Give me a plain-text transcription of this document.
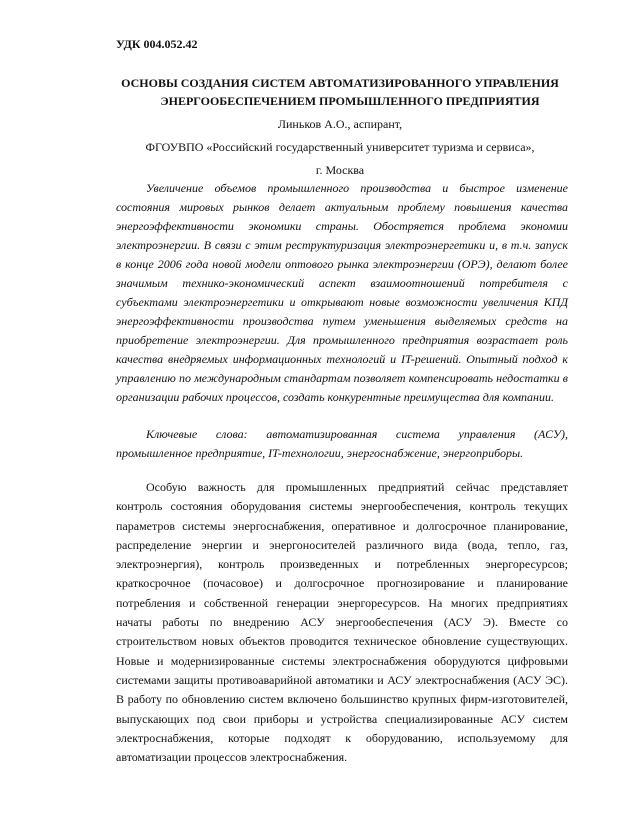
УДК 004.052.42
ОСНОВЫ СОЗДАНИЯ СИСТЕМ АВТОМАТИЗИРОВАННОГО УПРАВЛЕНИЯ
ЭНЕРГООБЕСПЕЧЕНИЕМ ПРОМЫШЛЕННОГО ПРЕДПРИЯТИЯ
Линьков А.О., аспирант,
ФГОУВПО «Российский государственный университет туризма и сервиса»,
г. Москва
Увеличение объемов промышленного производства и быстрое изменение состояния мировых рынков делает актуальным проблему повышения качества энергоэффективности экономики страны. Обостряется проблема экономии электроэнергии. В связи с этим реструктуризация электроэнергетики и, в т.ч. запуск в конце 2006 года новой модели оптового рынка электроэнергии (ОРЭ), делают более значимым технико-экономический аспект взаимоотношений потребителя с субъектами электроэнергетики и открывают новые возможности увеличения КПД энергоэффективности производства путем уменьшения выделяемых средств на приобретение электроэнергии. Для промышленного предприятия возрастает роль качества внедряемых информационных технологий и IT-решений. Опытный подход к управлению по международным стандартам позволяет компенсировать недостатки в организации рабочих процессов, создать конкурентные преимущества для компании.
Ключевые слова: автоматизированная система управления (АСУ), промышленное предприятие, IT-технологии, энергоснабжение, энергоприборы.
Особую важность для промышленных предприятий сейчас представляет контроль состояния оборудования системы энергообеспечения, контроль текущих параметров системы энергоснабжения, оперативное и долгосрочное планирование, распределение энергии и энергоносителей различного вида (вода, тепло, газ, электроэнергия), контроль произведенных и потребленных энергоресурсов; краткосрочное (почасовое) и долгосрочное прогнозирование и планирование потребления и собственной генерации энергоресурсов. На многих предприятиях начаты работы по внедрению АСУ энергообеспечения (АСУ Э). Вместе со строительством новых объектов проводится техническое обновление существующих. Новые и модернизированные системы электроснабжения оборудуются цифровыми системами защиты противоаварийной автоматики и АСУ электроснабжения (АСУ ЭС). В работу по обновлению систем включено большинство крупных фирм-изготовителей, выпускающих под свои приборы и устройства специализированные АСУ систем электроснабжения, которые подходят к оборудованию, используемому для автоматизации процессов электроснабжения.
